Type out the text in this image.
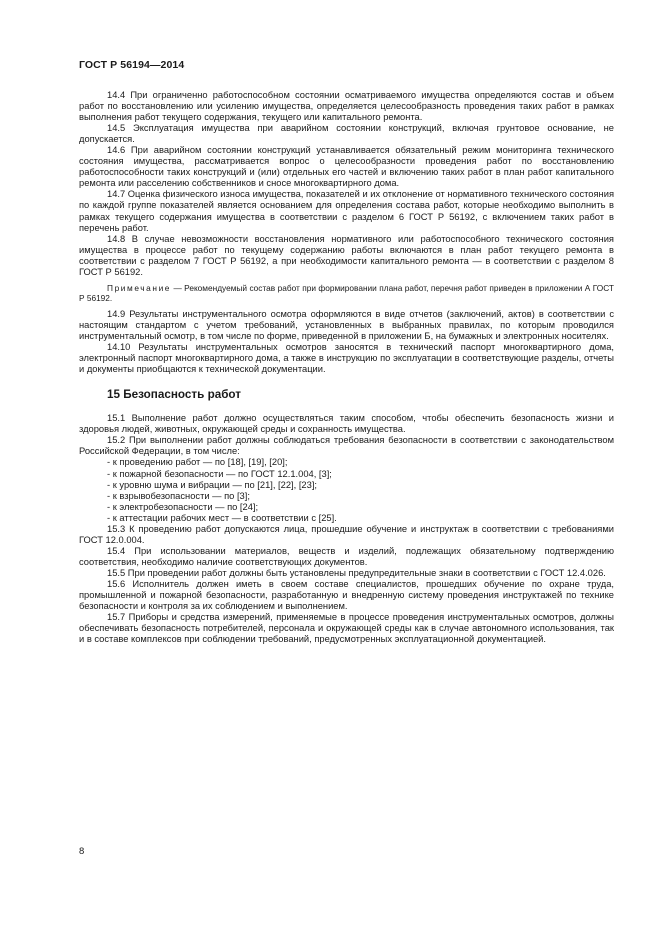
ГОСТ Р 56194—2014

14.4 При ограниченно работоспособном состоянии осматриваемого имущества определяются состав и объем работ по восстановлению или усилению имущества, определяется целесообразность проведения таких работ в рамках выполнения работ текущего содержания, текущего или капитального ремонта.

14.5 Эксплуатация имущества при аварийном состоянии конструкций, включая грунтовое основание, не допускается.

14.6 При аварийном состоянии конструкций устанавливается обязательный режим мониторинга технического состояния имущества, рассматривается вопрос о целесообразности проведения работ по восстановлению работоспособности таких конструкций и (или) отдельных его частей и включению таких работ в план работ капитального ремонта или расселению собственников и сносе многоквартирного дома.

14.7 Оценка физического износа имущества, показателей и их отклонение от нормативного технического состояния по каждой группе показателей является основанием для определения состава работ, которые необходимо выполнить в рамках текущего содержания имущества в соответствии с разделом 6 ГОСТ Р 56192, с включением таких работ в перечень работ.

14.8 В случае невозможности восстановления нормативного или работоспособного технического состояния имущества в процессе работ по текущему содержанию работы включаются в план работ текущего ремонта в соответствии с разделом 7 ГОСТ Р 56192, а при необходимости капитального ремонта — в соответствии с разделом 8 ГОСТ Р 56192.

Примечание — Рекомендуемый состав работ при формировании плана работ, перечня работ приведен в приложении А ГОСТ Р 56192.

14.9 Результаты инструментального осмотра оформляются в виде отчетов (заключений, актов) в соответствии с настоящим стандартом с учетом требований, установленных в выбранных правилах, по которым проводился инструментальный осмотр, в том числе по форме, приведенной в приложении Б, на бумажных и электронных носителях.

14.10 Результаты инструментальных осмотров заносятся в технический паспорт многоквартирного дома, электронный паспорт многоквартирного дома, а также в инструкцию по эксплуатации в соответствующие разделы, отчеты и документы приобщаются к технической документации.

15 Безопасность работ

15.1 Выполнение работ должно осуществляться таким способом, чтобы обеспечить безопасность жизни и здоровья людей, животных, окружающей среды и сохранность имущества.

15.2 При выполнении работ должны соблюдаться требования безопасности в соответствии с законодательством Российской Федерации, в том числе:

- к проведению работ — по [18], [19], [20];
- к пожарной безопасности — по ГОСТ 12.1.004, [3];
- к уровню шума и вибрации — по [21], [22], [23];
- к взрывобезопасности — по [3];
- к электробезопасности — по [24];
- к аттестации рабочих мест — в соответствии с [25].

15.3 К проведению работ допускаются лица, прошедшие обучение и инструктаж в соответствии с требованиями ГОСТ 12.0.004.

15.4 При использовании материалов, веществ и изделий, подлежащих обязательному подтверждению соответствия, необходимо наличие соответствующих документов.

15.5 При проведении работ должны быть установлены предупредительные знаки в соответствии с ГОСТ 12.4.026.

15.6 Исполнитель должен иметь в своем составе специалистов, прошедших обучение по охране труда, промышленной и пожарной безопасности, разработанную и внедренную систему проведения инструктажей по технике безопасности и контроля за их соблюдением и выполнением.

15.7 Приборы и средства измерений, применяемые в процессе проведения инструментальных осмотров, должны обеспечивать безопасность потребителей, персонала и окружающей среды как в случае автономного использования, так и в составе комплексов при соблюдении требований, предусмотренных эксплуатационной документацией.

8
